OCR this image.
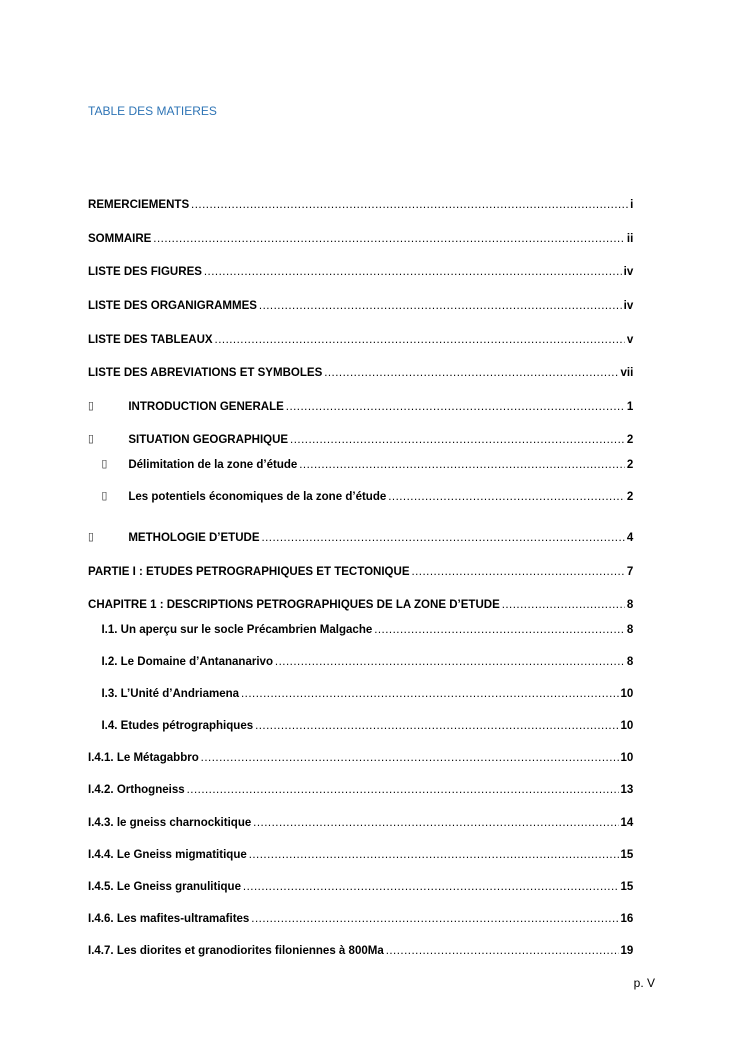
TABLE DES MATIERES
REMERCIEMENTS .....	i
SOMMAIRE .....	ii
LISTE DES FIGURES .....	iv
LISTE DES ORGANIGRAMMES .....	iv
LISTE DES TABLEAUX .....	v
LISTE DES ABREVIATIONS ET SYMBOLES .....	vii
▯	INTRODUCTION GENERALE .....	1
▯	SITUATION GEOGRAPHIQUE .....	2
▯ Délimitation de la zone d’étude .....	2
▯ Les potentiels économiques de la zone d’étude .....	2
▯	METHOLOGIE D’ETUDE .....	4
PARTIE I : ETUDES PETROGRAPHIQUES ET TECTONIQUE .....	7
CHAPITRE 1 : DESCRIPTIONS PETROGRAPHIQUES DE LA ZONE D’ETUDE .....	8
I.1. Un aperçu sur le socle Précambrien Malgache .....	8
I.2. Le Domaine d’Antananarivo .....	8
I.3. L’Unité d’Andriamena .....	10
I.4. Etudes pétrographiques .....	10
I.4.1. Le Métagabbro .....	10
I.4.2. Orthogneiss .....	13
I.4.3. le gneiss charnockitique .....	14
I.4.4. Le Gneiss migmatitique .....	15
I.4.5. Le Gneiss granulitique .....	15
I.4.6. Les mafites-ultramafites .....	16
I.4.7. Les diorites et granodiorites filoniennes à 800Ma .....	19
p. V
